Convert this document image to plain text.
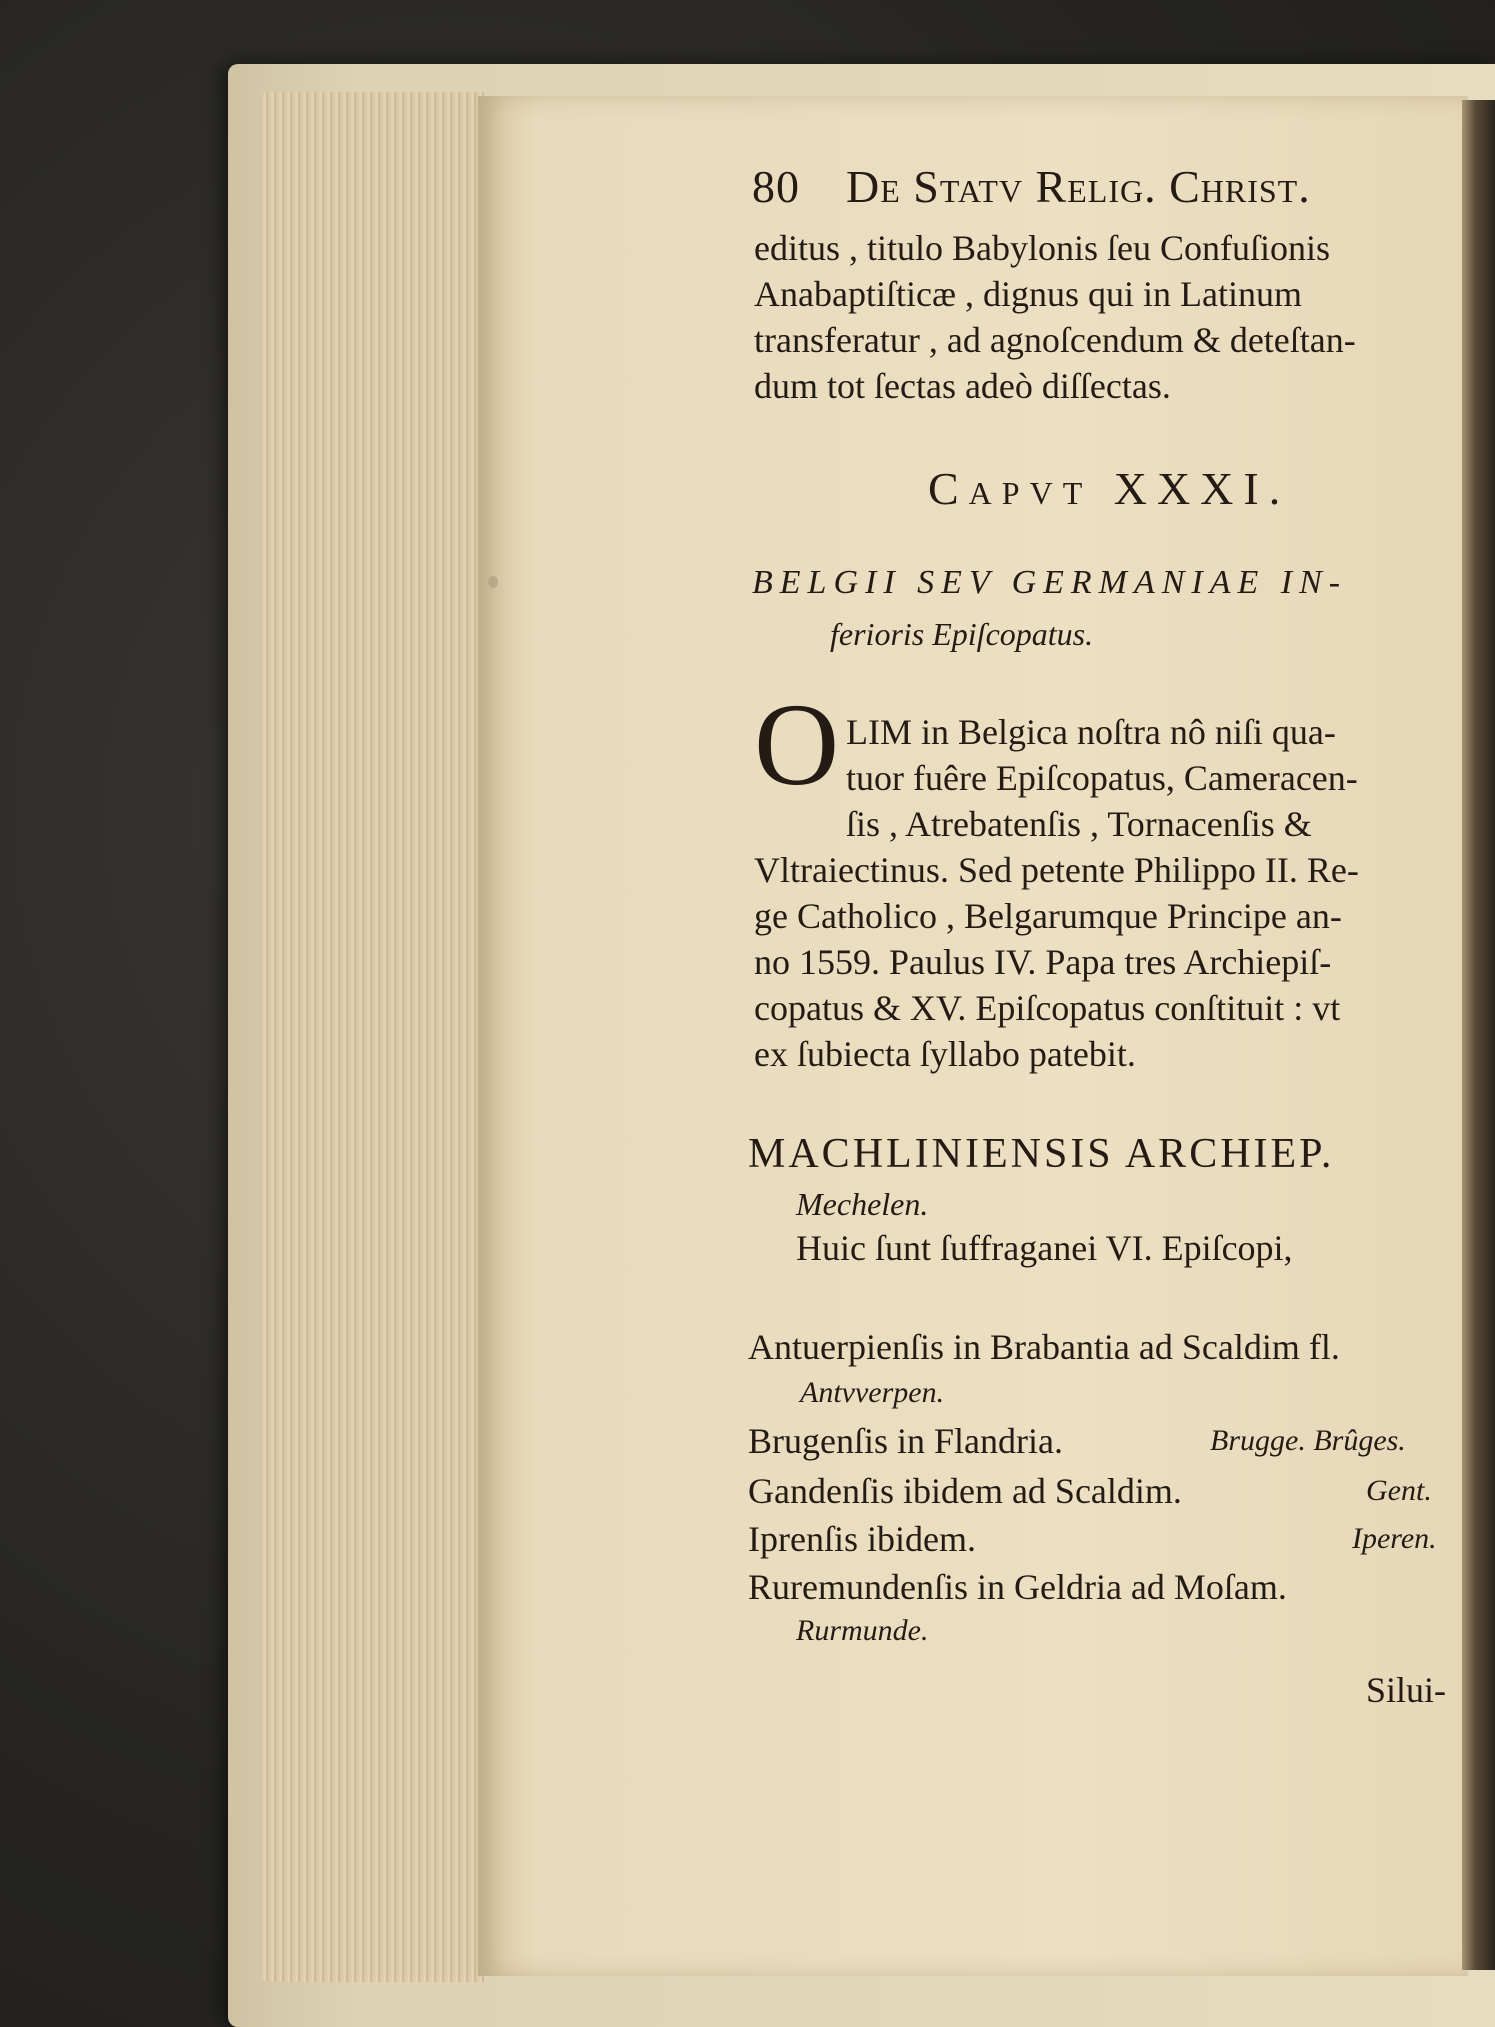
80 De Statv Relig. Christ.
editus , titulo Babylonis ſeu Confuſionis
Anabaptiſticæ , dignus qui in Latinum
transferatur , ad agnoſcendum & deteſtan-
dum tot ſectas adeò diſſectas.
Capvt XXXI.
BELGII SEV GERMANIAE IN-
ferioris Epiſcopatus.
O LIM in Belgica noſtra nô niſi qua-
tuor fuêre Epiſcopatus, Cameracen-
ſis , Atrebatenſis , Tornacenſis &
Vltraiectinus. Sed petente Philippo II. Re-
ge Catholico , Belgarumque Principe an-
no 1559. Paulus IV. Papa tres Archiepiſ-
copatus & XV. Epiſcopatus conſtituit : vt
ex ſubiecta ſyllabo patebit.
MACHLINIENSIS ARCHIEP.
Mechelen.
Huic ſunt ſuffraganei VI. Epiſcopi,
Antuerpienſis in Brabantia ad Scaldim fl.
Antvverpen.
Brugenſis in Flandria.	Brugge. Brûges.
Gandenſis ibidem ad Scaldim.	Gent.
Iprenſis ibidem.	Iperen.
Ruremundenſis in Geldria ad Moſam.
Rurmunde.
Silui-
